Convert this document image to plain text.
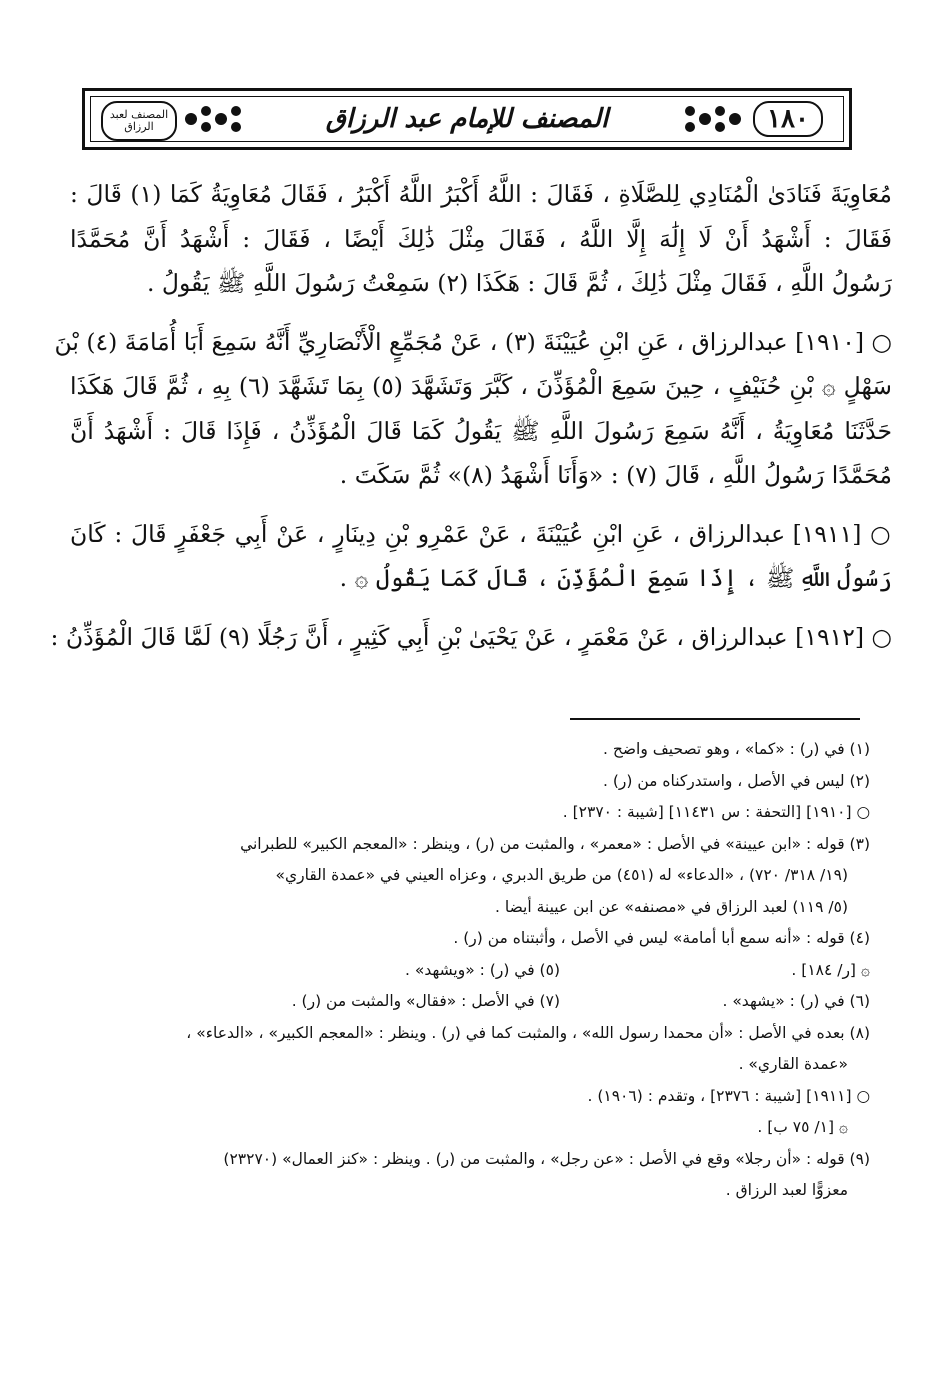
المصنف لعبد الرزاق	المصنف للإمام عبد الرزاق	١٨٠
مُعَاوِيَةَ فَنَادَىٰ الْمُنَادِي لِلصَّلَاةِ ، فَقَالَ : اللَّهُ أَكْبَرُ اللَّهُ أَكْبَرُ ، فَقَالَ مُعَاوِيَةُ كَمَا (١) قَالَ :
فَقَالَ : أَشْهَدُ أَنْ لَا إِلَٰهَ إِلَّا اللَّهُ ، فَقَالَ مِثْلَ ذَٰلِكَ أَيْضًا ، فَقَالَ : أَشْهَدُ أَنَّ مُحَمَّدًا
رَسُولُ اللَّهِ ، فَقَالَ مِثْلَ ذَٰلِكَ ، ثُمَّ قَالَ : هَكَذَا (٢) سَمِعْتُ رَسُولَ اللَّهِ ﷺ يَقُولُ .
○ [١٩١٠] عبدالرزاق ، عَنِ ابْنِ عُيَيْنَةَ (٣) ، عَنْ مُجَمِّعٍ الْأَنْصَارِيِّ أَنَّهُ سَمِعَ أَبَا أُمَامَةَ (٤) بْنَ
سَهْلٍ ۞ بْنِ حُنَيْفٍ ، حِينَ سَمِعَ الْمُؤَذِّنَ ، كَبَّرَ وَتَشَهَّدَ (٥) بِمَا تَشَهَّدَ (٦) بِهِ ، ثُمَّ قَالَ هَكَذَا
حَدَّثَنَا مُعَاوِيَةُ ، أَنَّهُ سَمِعَ رَسُولَ اللَّهِ ﷺ يَقُولُ كَمَا قَالَ الْمُؤَذِّنُ ، فَإِذَا قَالَ : أَشْهَدُ أَنَّ
مُحَمَّدًا رَسُولُ اللَّهِ ، قَالَ (٧) : «وَأَنَا أَشْهَدُ (٨)» ثُمَّ سَكَتَ .
○ [١٩١١] عبدالرزاق ، عَنِ ابْنِ عُيَيْنَةَ ، عَنْ عَمْرِو بْنِ دِينَارٍ ، عَنْ أَبِي جَعْفَرٍ قَالَ : كَانَ
رَسُولُ اللَّهِ ﷺ ، إِذَا سَمِعَ الْمُؤَذِّنَ ، قَالَ كَمَا يَقُولُ ۞ .
○ [١٩١٢] عبدالرزاق ، عَنْ مَعْمَرٍ ، عَنْ يَحْيَىٰ بْنِ أَبِي كَثِيرٍ ، أَنَّ رَجُلًا (٩) لَمَّا قَالَ الْمُؤَذِّنُ :

(١) في (ر) : «كما» ، وهو تصحيف واضح .

(٢) ليس في الأصل ، واستدركناه من (ر) .

○ [١٩١٠] [التحفة : س ١١٤٣١] [شيبة : ٢٣٧٠] .

(٣) قوله : «ابن عيينة» في الأصل : «معمر» ، والمثبت من (ر) ، وينظر : «المعجم الكبير» للطبراني

(١٩/ ٣١٨/ ٧٢٠) ، «الدعاء» له (٤٥١) من طريق الدبري ، وعزاه العيني في «عمدة القاري»

(٥/ ١١٩) لعبد الرزاق في «مصنفه» عن ابن عيينة أيضا .

(٤) قوله : «أنه سمع أبا أمامة» ليس في الأصل ، وأثبتناه من (ر) .

۞ [ر/ ١٨٤] .
(٥) في (ر) : «ويشهد» .
(٦) في (ر) : «يشهد» .
(٧) في الأصل : «فقال» والمثبت من (ر) .

(٨) بعده في الأصل : «أن محمدا رسول الله» ، والمثبت كما في (ر) . وينظر : «المعجم الكبير» ، «الدعاء» ،

«عمدة القاري» .

○ [١٩١١] [شيبة : ٢٣٧٦] ، وتقدم : (١٩٠٦) .

۞ [١/ ٧٥ ب] .

(٩) قوله : «أن رجلا» وقع في الأصل : «عن رجل» ، والمثبت من (ر) . وينظر : «كنز العمال» (٢٣٢٧٠)

معزوًّا لعبد الرزاق .
